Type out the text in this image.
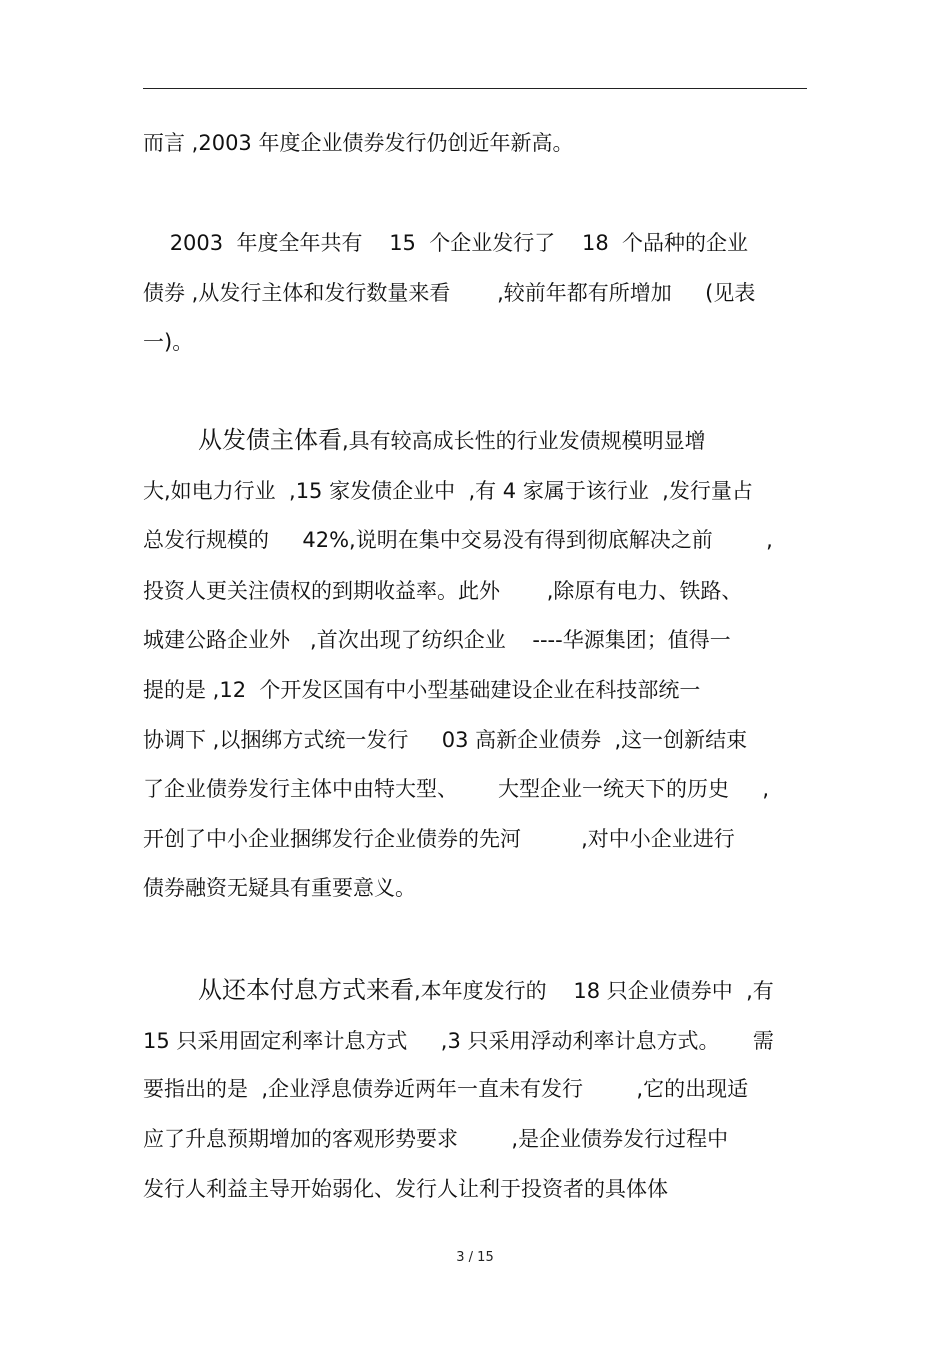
而言 ,2003 年度企业债券发行仍创近年新高。

2003  年度全年共有    15  个企业发行了    18  个品种的企业

债券 ,从发行主体和发行数量来看       ,较前年都有所增加     (见表

一)。

从发债主体看,具有较高成长性的行业发债规模明显增

大,如电力行业  ,15 家发债企业中  ,有 4 家属于该行业  ,发行量占

总发行规模的     42%,说明在集中交易没有得到彻底解决之前        ,

投资人更关注债权的到期收益率。此外       ,除原有电力、铁路、

城建公路企业外   ,首次出现了纺织企业    ----华源集团；值得一

提的是 ,12  个开发区国有中小型基础建设企业在科技部统一

协调下 ,以捆绑方式统一发行     03 高新企业债券  ,这一创新结束

了企业债券发行主体中由特大型、      大型企业一统天下的历史     ,

开创了中小企业捆绑发行企业债券的先河         ,对中小企业进行

债券融资无疑具有重要意义。

从还本付息方式来看,本年度发行的    18 只企业债券中  ,有

15 只采用固定利率计息方式     ,3 只采用浮动利率计息方式。     需

要指出的是  ,企业浮息债券近两年一直未有发行        ,它的出现适

应了升息预期增加的客观形势要求        ,是企业债券发行过程中

发行人利益主导开始弱化、发行人让利于投资者的具体体

3 / 15
